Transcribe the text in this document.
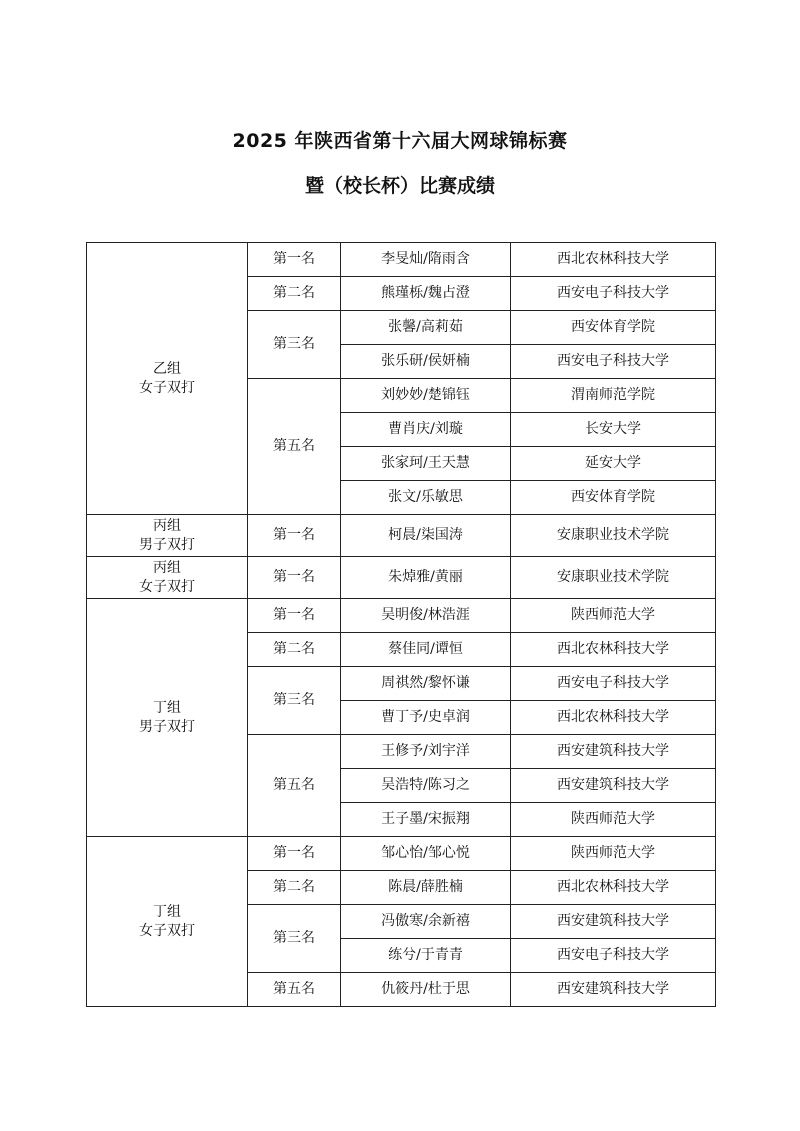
2025 年陕西省第十六届大网球锦标赛
暨（校长杯）比赛成绩
乙组
女子双打	第一名	李旻灿/隋雨含	西北农林科技大学
	第二名	熊瑾栎/魏占澄	西安电子科技大学
	第三名	张馨/高莉茹	西安体育学院
		张乐研/侯妍楠	西安电子科技大学
	第五名	刘妙妙/楚锦钰	渭南师范学院
		曹肖庆/刘璇	长安大学
		张家珂/王天慧	延安大学
		张文/乐敏思	西安体育学院

丙组
男子双打	第一名	柯晨/柒国涛	安康职业技术学院

丙组
女子双打	第一名	朱焯雅/黄丽	安康职业技术学院

丁组
男子双打	第一名	吴明俊/林浩涯	陕西师范大学
	第二名	蔡佳同/谭恒	西北农林科技大学
	第三名	周祺然/黎怀谦	西安电子科技大学
		曹丁予/史卓润	西北农林科技大学
	第五名	王修予/刘宇洋	西安建筑科技大学
		吴浩特/陈习之	西安建筑科技大学
		王子墨/宋振翔	陕西师范大学

丁组
女子双打	第一名	邹心怡/邹心悦	陕西师范大学
	第二名	陈晨/薛胜楠	西北农林科技大学
	第三名	冯傲寒/余新禧	西安建筑科技大学
		练兮/于青青	西安电子科技大学
	第五名	仇筱丹/杜于思	西安建筑科技大学
